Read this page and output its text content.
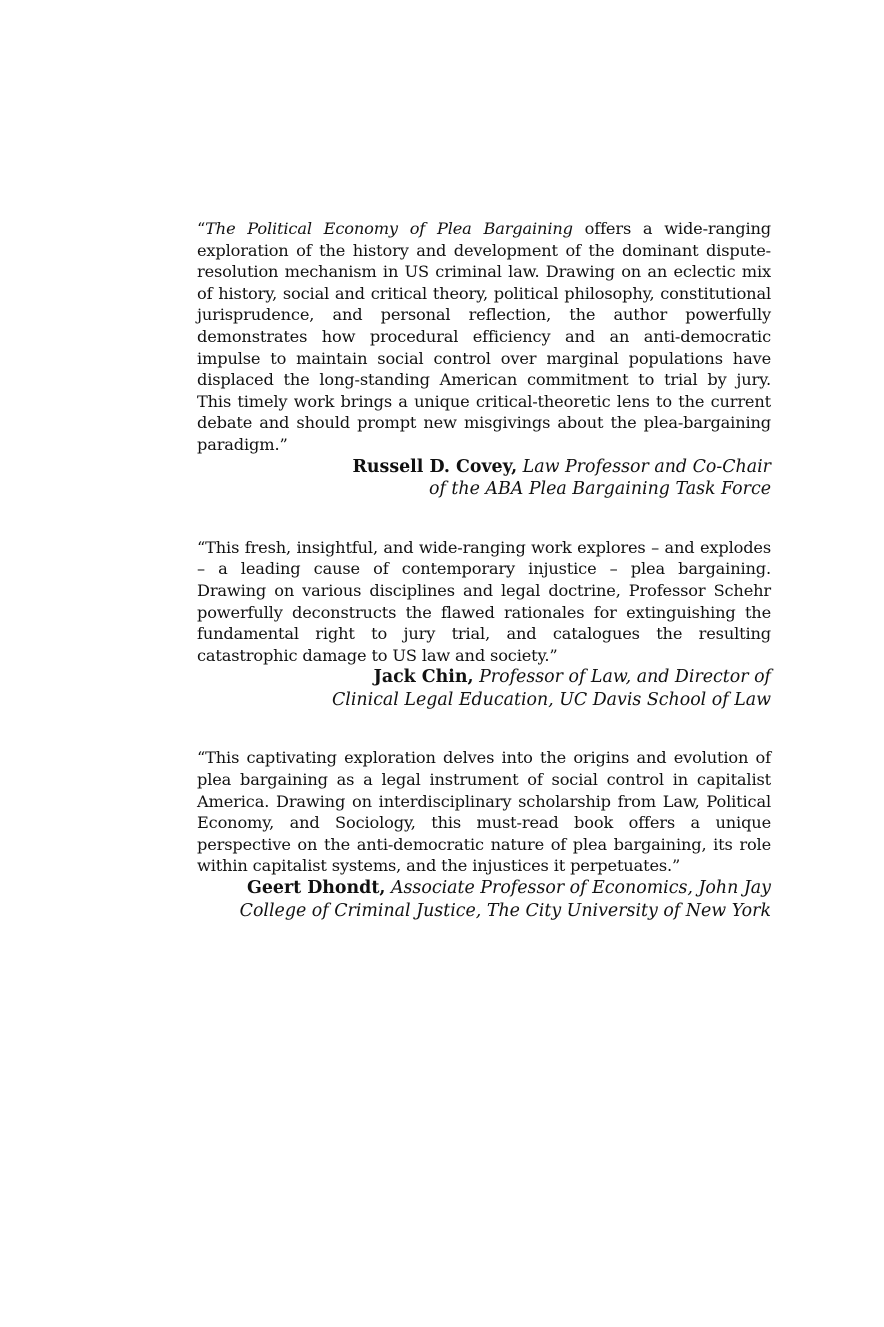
“The Political Economy of Plea Bargaining offers a wide-ranging exploration of the history and development of the dominant dispute-resolution mechanism in US criminal law. Drawing on an eclectic mix of history, social and critical theory, political philosophy, constitutional jurisprudence, and personal reflection, the author powerfully demonstrates how procedural efficiency and an anti-democratic impulse to maintain social control over marginal populations have displaced the long-standing American commitment to trial by jury. This timely work brings a unique critical-theoretic lens to the current debate and should prompt new misgivings about the plea-bargaining paradigm.”

Russell D. Covey, Law Professor and Co-Chair
of the ABA Plea Bargaining Task Force

“This fresh, insightful, and wide-ranging work explores – and explodes – a leading cause of contemporary injustice – plea bargaining. Drawing on various disciplines and legal doctrine, Professor Schehr powerfully deconstructs the flawed rationales for extinguishing the fundamental right to jury trial, and catalogues the resulting catastrophic damage to US law and society.”

Jack Chin, Professor of Law, and Director of
Clinical Legal Education, UC Davis School of Law

“This captivating exploration delves into the origins and evolution of plea bargaining as a legal instrument of social control in capitalist America. Drawing on interdisciplinary scholarship from Law, Political Economy, and Sociology, this must-read book offers a unique perspective on the anti-democratic nature of plea bargaining, its role within capitalist systems, and the injustices it perpetuates.”

Geert Dhondt, Associate Professor of Economics, John Jay
College of Criminal Justice, The City University of New York
